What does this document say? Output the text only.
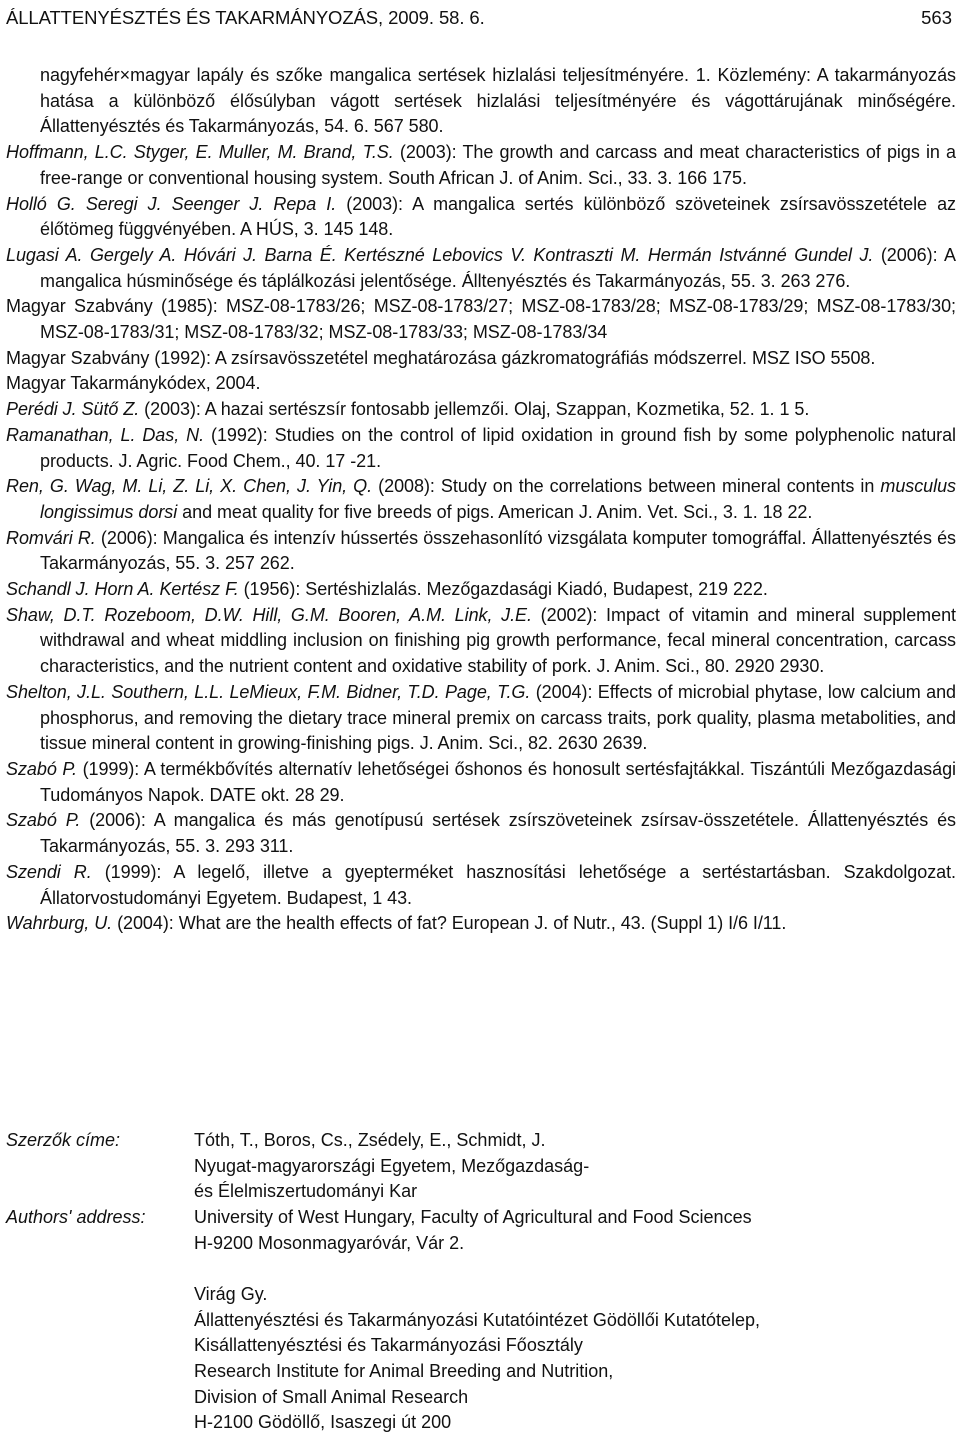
ÁLLATTENYÉSZTÉS ÉS TAKARMÁNYOZÁS, 2009. 58. 6.	563
nagyfehér×magyar lapály és szőke mangalica sertések hizlalási teljesítményére. 1. Közlemény: A takarmányozás hatása a különböző élősúlyban vágott sertések hizlalási teljesítményére és vágottárujának minőségére. Állattenyésztés és Takarmányozás, 54. 6. 567 580.
Hoffmann, L.C. Styger, E. Muller, M. Brand, T.S. (2003): The growth and carcass and meat characteristics of pigs in a free-range or conventional housing system. South African J. of Anim. Sci., 33. 3. 166 175.
Holló G. Seregi J. Seenger J. Repa I. (2003): A mangalica sertés különböző szöveteinek zsírsavösszetétele az élőtömeg függvényében. A HÚS, 3. 145 148.
Lugasi A. Gergely A. Hóvári J. Barna É. Kertészné Lebovics V. Kontraszti M. Hermán Istvánné Gundel J. (2006): A mangalica húsminősége és táplálkozási jelentősége. Álltenyésztés és Takarmányozás, 55. 3. 263 276.
Magyar Szabvány (1985): MSZ-08-1783/26; MSZ-08-1783/27; MSZ-08-1783/28; MSZ-08-1783/29; MSZ-08-1783/30; MSZ-08-1783/31; MSZ-08-1783/32; MSZ-08-1783/33; MSZ-08-1783/34
Magyar Szabvány (1992): A zsírsavösszetétel meghatározása gázkromatográfiás módszerrel. MSZ ISO 5508.
Magyar Takarmánykódex, 2004.
Perédi J. Sütő Z. (2003): A hazai sertészsír fontosabb jellemzői. Olaj, Szappan, Kozmetika, 52. 1. 1 5.
Ramanathan, L. Das, N. (1992): Studies on the control of lipid oxidation in ground fish by some polyphenolic natural products. J. Agric. Food Chem., 40. 17 -21.
Ren, G. Wag, M. Li, Z. Li, X. Chen, J. Yin, Q. (2008): Study on the correlations between mineral contents in musculus longissimus dorsi and meat quality for five breeds of pigs. American J. Anim. Vet. Sci., 3. 1. 18 22.
Romvári R. (2006): Mangalica és intenzív hússertés összehasonlító vizsgálata komputer tomográffal. Állattenyésztés és Takarmányozás, 55. 3. 257 262.
Schandl J. Horn A. Kertész F. (1956): Sertéshizlalás. Mezőgazdasági Kiadó, Budapest, 219 222.
Shaw, D.T. Rozeboom, D.W. Hill, G.M. Booren, A.M. Link, J.E. (2002): Impact of vitamin and mineral supplement withdrawal and wheat middling inclusion on finishing pig growth performance, fecal mineral concentration, carcass characteristics, and the nutrient content and oxidative stability of pork. J. Anim. Sci., 80. 2920 2930.
Shelton, J.L. Southern, L.L. LeMieux, F.M. Bidner, T.D. Page, T.G. (2004): Effects of microbial phytase, low calcium and phosphorus, and removing the dietary trace mineral premix on carcass traits, pork quality, plasma metabolities, and tissue mineral content in growing-finishing pigs. J. Anim. Sci., 82. 2630 2639.
Szabó P. (1999): A termékbővítés alternatív lehetőségei őshonos és honosult sertésfajtákkal. Tiszántúli Mezőgazdasági Tudományos Napok. DATE okt. 28 29.
Szabó P. (2006): A mangalica és más genotípusú sertések zsírszöveteinek zsírsav-összetétele. Állattenyésztés és Takarmányozás, 55. 3. 293 311.
Szendi R. (1999): A legelő, illetve a gyepterméket hasznosítási lehetősége a sertéstartásban. Szakdolgozat. Állatorvostudományi Egyetem. Budapest, 1 43.
Wahrburg, U. (2004): What are the health effects of fat? European J. of Nutr., 43. (Suppl 1) I/6 I/11.
Szerzők címe:
Authors' address:
Tóth, T., Boros, Cs., Zsédely, E., Schmidt, J.
Nyugat-magyarországi Egyetem, Mezőgazdaság-
és Élelmiszertudományi Kar
University of West Hungary, Faculty of Agricultural and Food Sciences
H-9200 Mosonmagyaróvár, Vár 2.
Virág Gy.
Állattenyésztési és Takarmányozási Kutatóintézet Gödöllői Kutatótelep,
Kisállattenyésztési és Takarmányozási Főosztály
Research Institute for Animal Breeding and Nutrition,
Division of Small Animal Research
H-2100 Gödöllő, Isaszegi út 200
